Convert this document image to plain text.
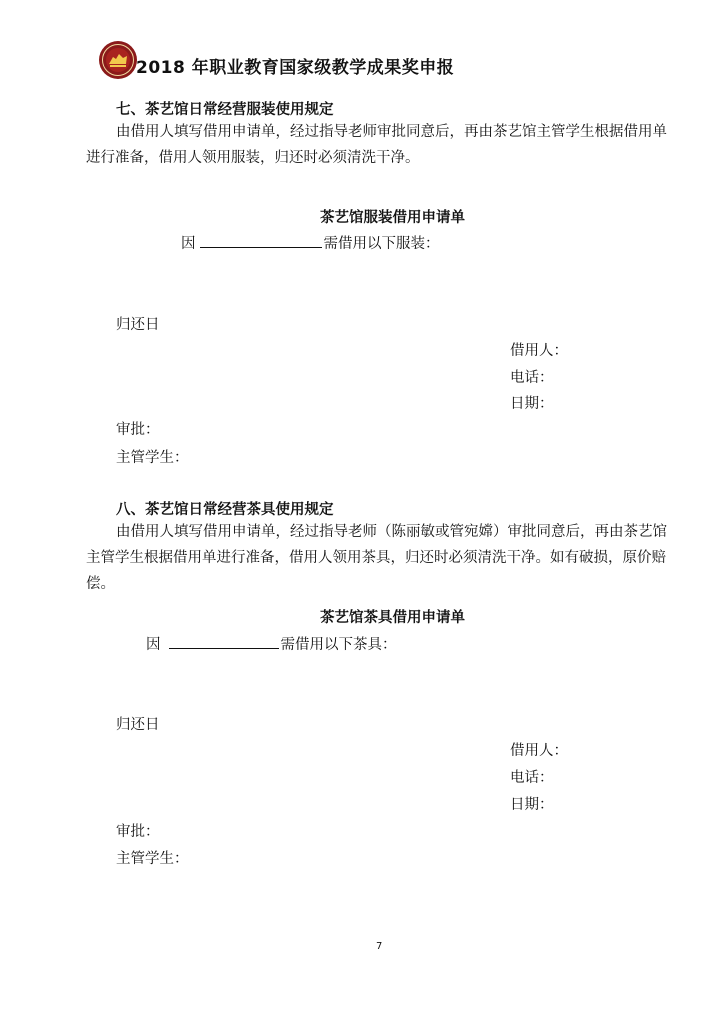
2018 年职业教育国家级教学成果奖申报
七、茶艺馆日常经营服装使用规定
由借用人填写借用申请单，经过指导老师审批同意后，再由茶艺馆主管学生根据借用单
进行准备，借用人领用服装，归还时必须清洗干净。
茶艺馆服装借用申请单
因	需借用以下服装：
归还日
借用人：
电话：
日期：
审批：
主管学生：
八、茶艺馆日常经营茶具使用规定
由借用人填写借用申请单，经过指导老师（陈丽敏或管宛嫦）审批同意后，再由茶艺馆
主管学生根据借用单进行准备，借用人领用茶具，归还时必须清洗干净。如有破损，原价赔
偿。
茶艺馆茶具借用申请单
因	需借用以下茶具：
归还日
借用人：
电话：
日期：
审批：
主管学生：
7
